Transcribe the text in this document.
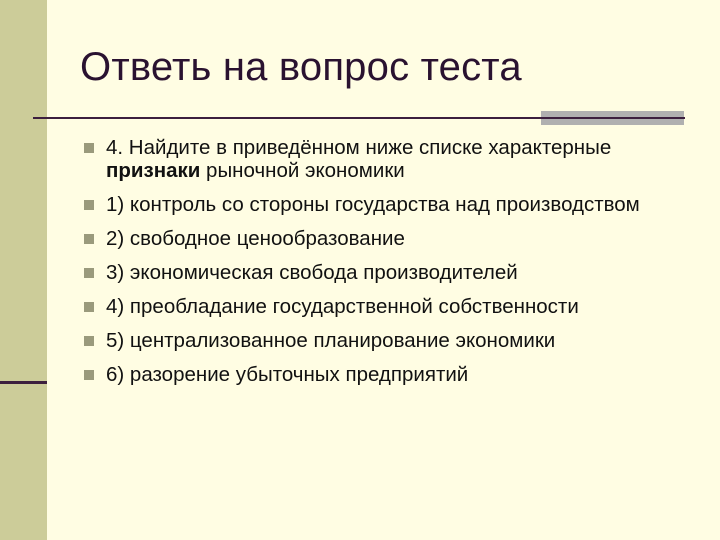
Ответь на вопрос теста
4. Найдите в приведённом ниже списке характерные признаки рыночной экономики
1) контроль со стороны государства над производством
2) свободное ценообразование
3) экономическая свобода производителей
4) преобладание государственной собственности
5) централизованное планирование экономики
6) разорение убыточных предприятий
